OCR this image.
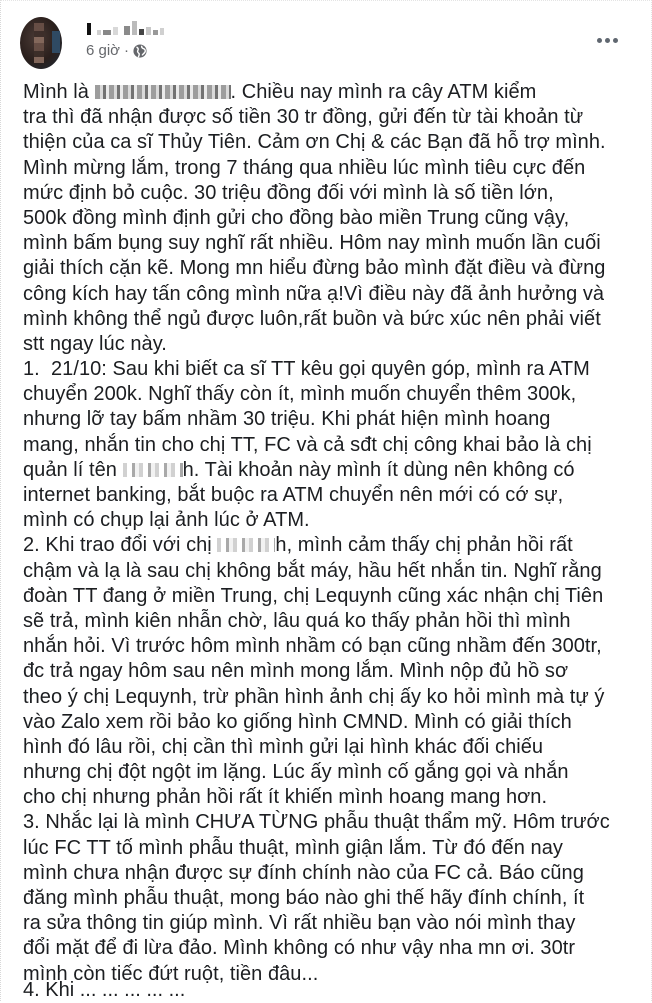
6 giờ ·
Mình là	. Chiều nay mình ra cây ATM kiểm
tra thì đã nhận được số tiền 30 tr đồng, gửi đến từ tài khoản từ
thiện của ca sĩ Thủy Tiên. Cảm ơn Chị & các Bạn đã hỗ trợ mình.
Mình mừng lắm, trong 7 tháng qua nhiều lúc mình tiêu cực đến
mức định bỏ cuộc. 30 triệu đồng đối với mình là số tiền lớn,
500k đồng mình định gửi cho đồng bào miền Trung cũng vậy,
mình bấm bụng suy nghĩ rất nhiều. Hôm nay mình muốn lần cuối
giải thích cặn kẽ. Mong mn hiểu đừng bảo mình đặt điều và đừng
công kích hay tấn công mình nữa ạ!Vì điều này đã ảnh hưởng và
mình không thể ngủ được luôn,rất buồn và bức xúc nên phải viết
stt ngay lúc này.
1.  21/10: Sau khi biết ca sĩ TT kêu gọi quyên góp, mình ra ATM
chuyển 200k. Nghĩ thấy còn ít, mình muốn chuyển thêm 300k,
nhưng lỡ tay bấm nhầm 30 triệu. Khi phát hiện mình hoang
mang, nhắn tin cho chị TT, FC và cả sđt chị công khai bảo là chị
quản lí tên	h. Tài khoản này mình ít dùng nên không có
internet banking, bắt buộc ra ATM chuyển nên mới có cớ sự,
mình có chụp lại ảnh lúc ở ATM.
2. Khi trao đổi với chị	h, mình cảm thấy chị phản hồi rất
chậm và lạ là sau chị không bắt máy, hầu hết nhắn tin. Nghĩ rằng
đoàn TT đang ở miền Trung, chị Lequynh cũng xác nhận chị Tiên
sẽ trả, mình kiên nhẫn chờ, lâu quá ko thấy phản hồi thì mình
nhắn hỏi. Vì trước hôm mình nhầm có bạn cũng nhầm đến 300tr,
đc trả ngay hôm sau nên mình mong lắm. Mình nộp đủ hồ sơ
theo ý chị Lequynh, trừ phần hình ảnh chị ấy ko hỏi mình mà tự ý
vào Zalo xem rồi bảo ko giống hình CMND. Mình có giải thích
hình đó lâu rồi, chị cần thì mình gửi lại hình khác đối chiếu
nhưng chị đột ngột im lặng. Lúc ấy mình cố gắng gọi và nhắn
cho chị nhưng phản hồi rất ít khiến mình hoang mang hơn.
3. Nhắc lại là mình CHƯA TỪNG phẫu thuật thẩm mỹ. Hôm trước
lúc FC TT tố mình phẫu thuật, mình giận lắm. Từ đó đến nay
mình chưa nhận được sự đính chính nào của FC cả. Báo cũng
đăng mình phẫu thuật, mong báo nào ghi thế hãy đính chính, ít
ra sửa thông tin giúp mình. Vì rất nhiều bạn vào nói mình thay
đổi mặt để đi lừa đảo. Mình không có như vậy nha mn ơi. 30tr
mình còn tiếc đứt ruột, tiền đâu...
4. Khi ... ... ... ... ...
